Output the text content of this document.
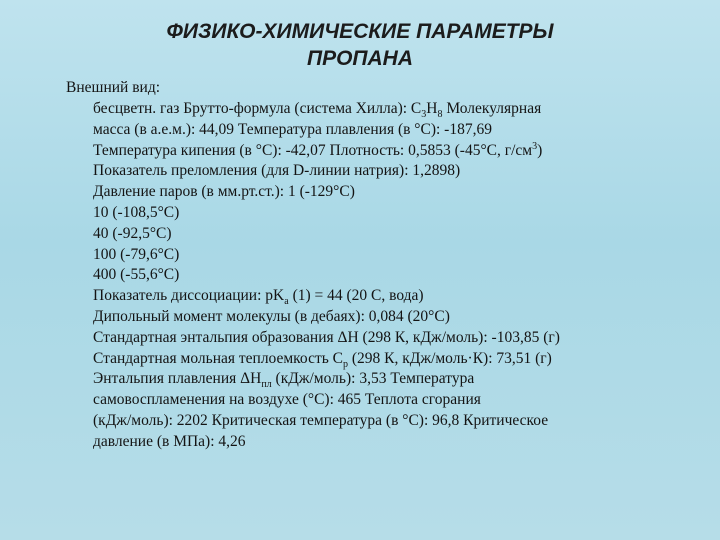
ФИЗИКО-ХИМИЧЕСКИЕ ПАРАМЕТРЫ
ПРОПАНА
Внешний вид:
бесцветн. газ Брутто-формула (система Хилла): $C_3H_8$ Молекулярная
масса (в а.е.м.): 44,09 Температура плавления (в °C): -187,69
Температура кипения (в °C): -42,07 Плотность: 0,5853 (-45°C, $г/см^3$)
Показатель преломления (для D-линии натрия): 1,2898)
Давление паров (в мм.рт.ст.): 1 (-129°C)
10 (-108,5°C)
40 (-92,5°C)
100 (-79,6°C)
400 (-55,6°C)
Показатель диссоциации: $pK_a$ (1) = 44 (20 C, вода)
Дипольный момент молекулы (в дебаях): 0,084 (20°C)
Стандартная энтальпия образования ΔH (298 К, кДж/моль): -103,85 (г)
Стандартная мольная теплоемкость $C_p$ (298 К, кДж/моль·К): 73,51 (г)
Энтальпия плавления $\Delta H_{пл}$ (кДж/моль): 3,53 Температура
самовоспламенения на воздухе (°C): 465 Теплота сгорания
(кДж/моль): 2202 Критическая температура (в °C): 96,8 Критическое
давление (в МПа): 4,26
